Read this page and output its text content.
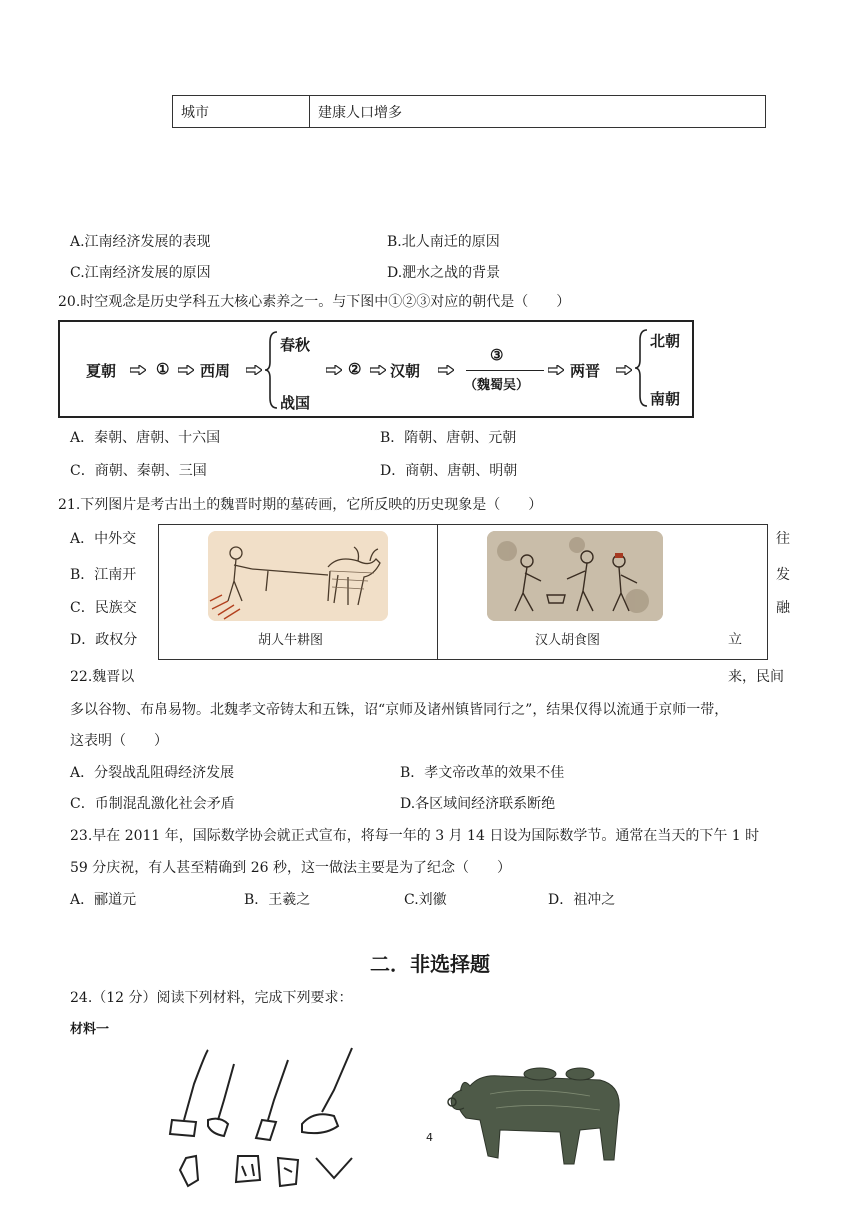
城市	建康人口增多
A.江南经济发展的表现	B.北人南迁的原因
C.江南经济发展的原因	D.淝水之战的背景
20.时空观念是历史学科五大核心素养之一。与下图中①②③对应的朝代是（　　）
夏朝	① 西周
春秋
战国
② 汉朝
③
（魏蜀吴）
两晋
北朝
南朝
A．秦朝、唐朝、十六国	B．隋朝、唐朝、元朝
C．商朝、秦朝、三国	D．商朝、唐朝、明朝
21.下列图片是考古出土的魏晋时期的墓砖画，它所反映的历史现象是（　　）
A．中外交	往
B．江南开	发
C．民族交	融
D．政权分	立
胡人牛耕图	汉人胡食图
22.魏晋以	来，民间
多以谷物、布帛易物。北魏孝文帝铸太和五铢，诏“京师及诸州镇皆同行之”，结果仅得以流通于京师一带，
这表明（　　）
A．分裂战乱阻碍经济发展	B．孝文帝改革的效果不佳
C．币制混乱激化社会矛盾	D.各区域间经济联系断绝
23.早在 2011 年，国际数学协会就正式宣布，将每一年的 3 月 14 日设为国际数学节。通常在当天的下午 1 时
59 分庆祝，有人甚至精确到 26 秒，这一做法主要是为了纪念（　　）
A．郦道元	B．王羲之	C.刘徽	D．祖冲之
二．非选择题
24.（12 分）阅读下列材料，完成下列要求：
材料一
4
